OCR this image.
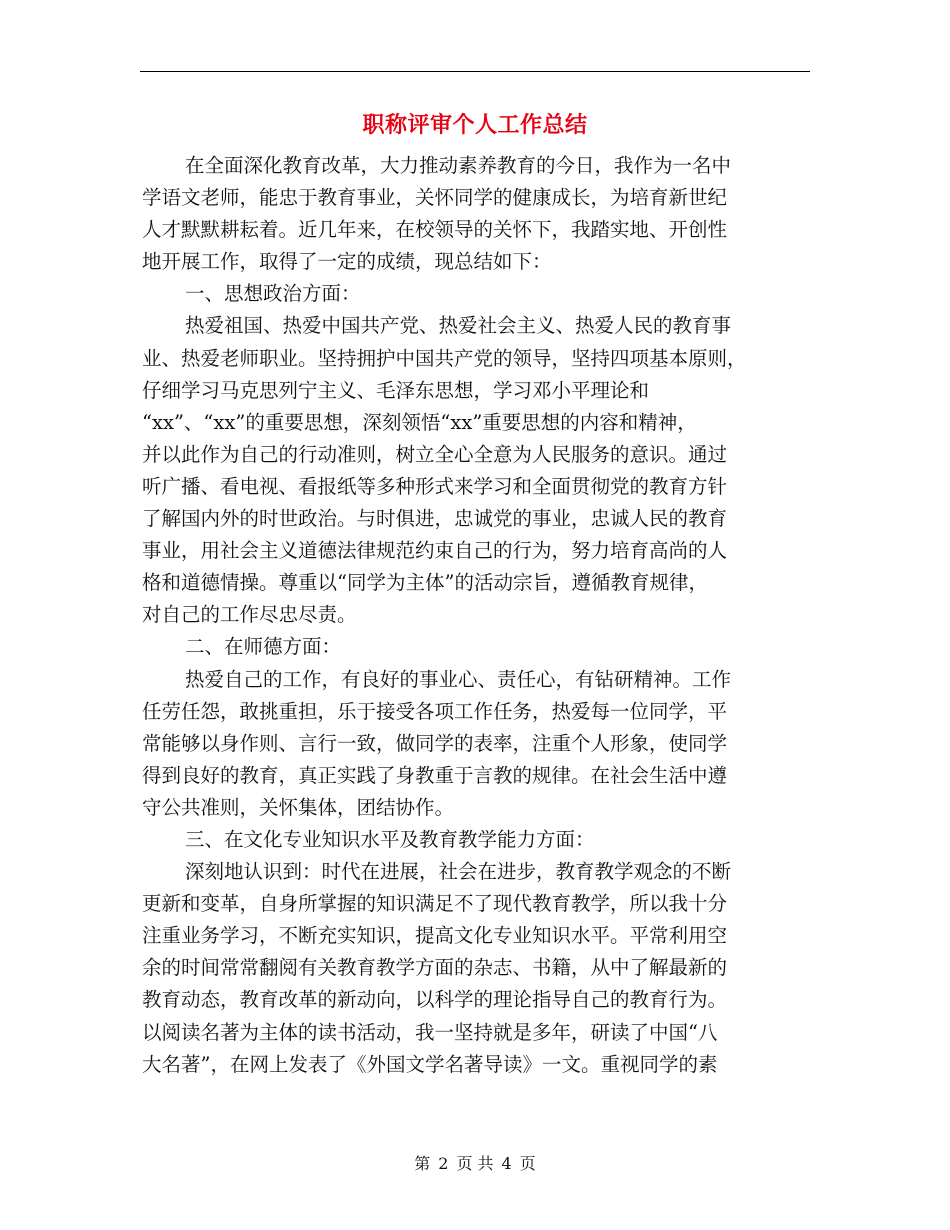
职称评审个人工作总结
在全面深化教育改革，大力推动素养教育的今日，我作为一名中
学语文老师，能忠于教育事业，关怀同学的健康成长，为培育新世纪
人才默默耕耘着。近几年来，在校领导的关怀下，我踏实地、开创性
地开展工作，取得了一定的成绩，现总结如下：
一、思想政治方面：
热爱祖国、热爱中国共产党、热爱社会主义、热爱人民的教育事
业、热爱老师职业。坚持拥护中国共产党的领导，坚持四项基本原则，
仔细学习马克思列宁主义、毛泽东思想，学习邓小平理论和
“xx”、“xx”的重要思想，深刻领悟“xx”重要思想的内容和精神，
并以此作为自己的行动准则，树立全心全意为人民服务的意识。通过
听广播、看电视、看报纸等多种形式来学习和全面贯彻党的教育方针
了解国内外的时世政治。与时俱进，忠诚党的事业，忠诚人民的教育
事业，用社会主义道德法律规范约束自己的行为，努力培育高尚的人
格和道德情操。尊重以“同学为主体”的活动宗旨，遵循教育规律，
对自己的工作尽忠尽责。
二、在师德方面：
热爱自己的工作，有良好的事业心、责任心，有钻研精神。工作
任劳任怨，敢挑重担，乐于接受各项工作任务，热爱每一位同学，平
常能够以身作则、言行一致，做同学的表率，注重个人形象，使同学
得到良好的教育，真正实践了身教重于言教的规律。在社会生活中遵
守公共准则，关怀集体，团结协作。
三、在文化专业知识水平及教育教学能力方面：
深刻地认识到：时代在进展，社会在进步，教育教学观念的不断
更新和变革，自身所掌握的知识满足不了现代教育教学，所以我十分
注重业务学习，不断充实知识，提高文化专业知识水平。平常利用空
余的时间常常翻阅有关教育教学方面的杂志、书籍，从中了解最新的
教育动态，教育改革的新动向，以科学的理论指导自己的教育行为。
以阅读名著为主体的读书活动，我一坚持就是多年，研读了中国“八
大名著”，在网上发表了《外国文学名著导读》一文。重视同学的素
第 2 页 共 4 页
